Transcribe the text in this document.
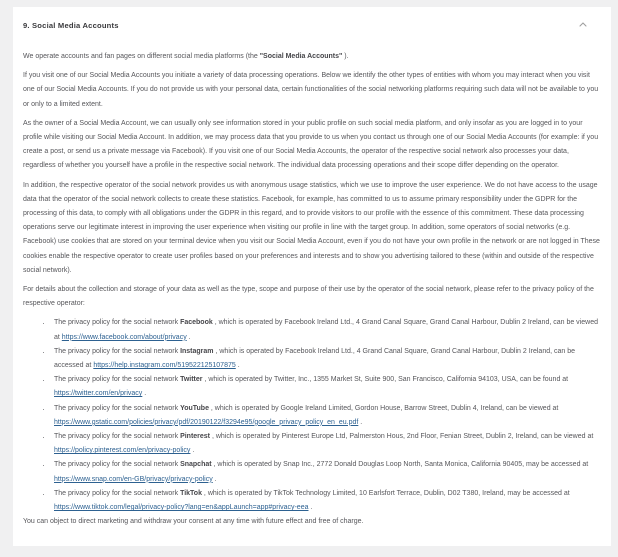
9. Social Media Accounts

We operate accounts and fan pages on different social media platforms (the "Social Media Accounts" ).

If you visit one of our Social Media Accounts you initiate a variety of data processing operations. Below we identify the other types of entities with whom you may interact when you visit one of our Social Media Accounts. If you do not provide us with your personal data, certain functionalities of the social networking platforms requiring such data will not be available to you or only to a limited extent.

As the owner of a Social Media Account, we can usually only see information stored in your public profile on such social media platform, and only insofar as you are logged in to your profile while visiting our Social Media Account. In addition, we may process data that you provide to us when you contact us through one of our Social Media Accounts (for example: if you create a post, or send us a private message via Facebook). If you visit one of our Social Media Accounts, the operator of the respective social network also processes your data, regardless of whether you yourself have a profile in the respective social network. The individual data processing operations and their scope differ depending on the operator.

In addition, the respective operator of the social network provides us with anonymous usage statistics, which we use to improve the user experience. We do not have access to the usage data that the operator of the social network collects to create these statistics. Facebook, for example, has committed to us to assume primary responsibility under the GDPR for the processing of this data, to comply with all obligations under the GDPR in this regard, and to provide visitors to our profile with the essence of this commitment. These data processing operations serve our legitimate interest in improving the user experience when visiting our profile in line with the target group. In addition, some operators of social networks (e.g. Facebook) use cookies that are stored on your terminal device when you visit our Social Media Account, even if you do not have your own profile in the network or are not logged in These cookies enable the respective operator to create user profiles based on your preferences and interests and to show you advertising tailored to these (within and outside of the respective social network).

For details about the collection and storage of your data as well as the type, scope and purpose of their use by the operator of the social network, please refer to the privacy policy of the respective operator:

• The privacy policy for the social network Facebook , which is operated by Facebook Ireland Ltd., 4 Grand Canal Square, Grand Canal Harbour, Dublin 2 Ireland, can be viewed at https://www.facebook.com/about/privacy .
• The privacy policy for the social network Instagram , which is operated by Facebook Ireland Ltd., 4 Grand Canal Square, Grand Canal Harbour, Dublin 2 Ireland, can be accessed at https://help.instagram.com/519522125107875 .
• The privacy policy for the social network Twitter , which is operated by Twitter, Inc., 1355 Market St, Suite 900, San Francisco, California 94103, USA, can be found at https://twitter.com/en/privacy .
• The privacy policy for the social network YouTube , which is operated by Google Ireland Limited, Gordon House, Barrow Street, Dublin 4, Ireland, can be viewed at https://www.gstatic.com/policies/privacy/pdf/20190122/f3294e95/google_privacy_policy_en_eu.pdf .
• The privacy policy for the social network Pinterest , which is operated by Pinterest Europe Ltd, Palmerston Hous, 2nd Floor, Fenian Street, Dublin 2, Ireland, can be viewed at https://policy.pinterest.com/en/privacy-policy .
• The privacy policy for the social network Snapchat , which is operated by Snap Inc., 2772 Donald Douglas Loop North, Santa Monica, California 90405, may be accessed at https://www.snap.com/en-GB/privacy/privacy-policy .
• The privacy policy for the social network TikTok , which is operated by TikTok Technology Limited, 10 Earlsfort Terrace, Dublin, D02 T380, Ireland, may be accessed at https://www.tiktok.com/legal/privacy-policy?lang=en&appLaunch=app#privacy-eea .

You can object to direct marketing and withdraw your consent at any time with future effect and free of charge.
